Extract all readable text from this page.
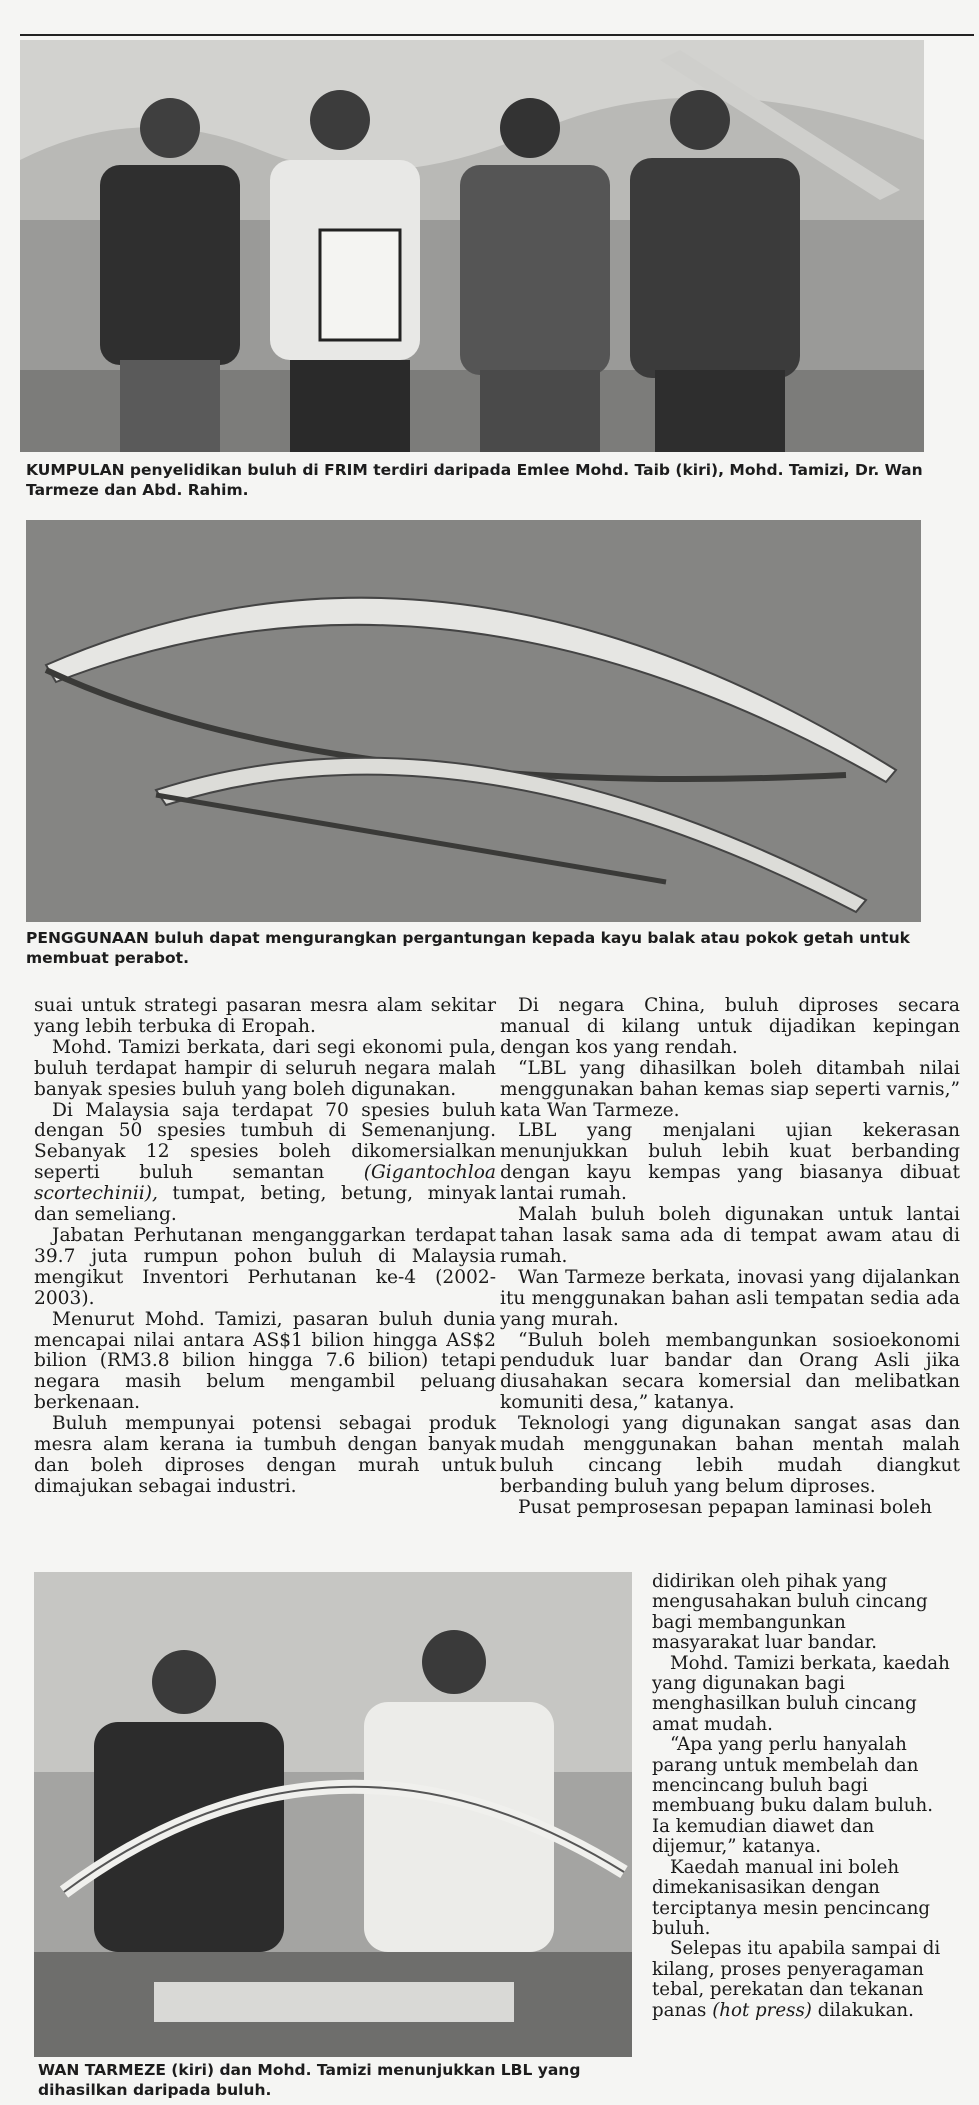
KUMPULAN penyelidikan buluh di FRIM terdiri daripada Emlee Mohd. Taib (kiri), Mohd. Tamizi, Dr. Wan Tarmeze dan Abd. Rahim.
PENGGUNAAN buluh dapat mengurangkan pergantungan kepada kayu balak atau pokok getah untuk membuat perabot.

suai untuk strategi pasaran mesra alam sekitar yang lebih terbuka di Eropah.

Mohd. Tamizi berkata, dari segi ekonomi pula, buluh terdapat hampir di seluruh negara malah banyak spesies buluh yang boleh digunakan.

Di Malaysia saja terdapat 70 spesies buluh dengan 50 spesies tumbuh di Semenanjung. Sebanyak 12 spesies boleh dikomersialkan seperti buluh semantan (Gigantochloa scortechinii), tumpat, beting, betung, minyak dan semeliang.

Jabatan Perhutanan menganggarkan terdapat 39.7 juta rumpun pohon buluh di Malaysia mengikut Inventori Perhutanan ke-4 (2002-2003).

Menurut Mohd. Tamizi, pasaran buluh dunia mencapai nilai antara AS$1 bilion hingga AS$2 bilion (RM3.8 bilion hingga 7.6 bilion) tetapi negara masih belum mengambil peluang berkenaan.

Buluh mempunyai potensi sebagai produk mesra alam kerana ia tumbuh dengan banyak dan boleh diproses dengan murah untuk dimajukan sebagai industri.

Di negara China, buluh diproses secara manual di kilang untuk dijadikan kepingan dengan kos yang rendah.

“LBL yang dihasilkan boleh ditambah nilai menggunakan bahan kemas siap seperti varnis,” kata Wan Tarmeze.

LBL yang menjalani ujian kekerasan menunjukkan buluh lebih kuat berbanding dengan kayu kempas yang biasanya dibuat lantai rumah.

Malah buluh boleh digunakan untuk lantai tahan lasak sama ada di tempat awam atau di rumah.

Wan Tarmeze berkata, inovasi yang dijalankan itu menggunakan bahan asli tempatan sedia ada yang murah.

“Buluh boleh membangunkan sosioekonomi penduduk luar bandar dan Orang Asli jika diusahakan secara komersial dan melibatkan komuniti desa,” katanya.

Teknologi yang digunakan sangat asas dan mudah menggunakan bahan mentah malah buluh cincang lebih mudah diangkut berbanding buluh yang belum diproses.

Pusat pemprosesan pepapan laminasi boleh

WAN TARMEZE (kiri) dan Mohd. Tamizi menunjukkan LBL yang dihasilkan daripada buluh.

didirikan oleh pihak yang mengusahakan buluh cincang bagi membangunkan masyarakat luar bandar.

Mohd. Tamizi berkata, kaedah yang digunakan bagi menghasilkan buluh cincang amat mudah.

“Apa yang perlu hanyalah parang untuk membelah dan mencincang buluh bagi membuang buku dalam buluh. Ia kemudian diawet dan dijemur,” katanya.

Kaedah manual ini boleh dimekanisasikan dengan terciptanya mesin pencincang buluh.

Selepas itu apabila sampai di kilang, proses penyeragaman tebal, perekatan dan tekanan panas (hot press) dilakukan.
